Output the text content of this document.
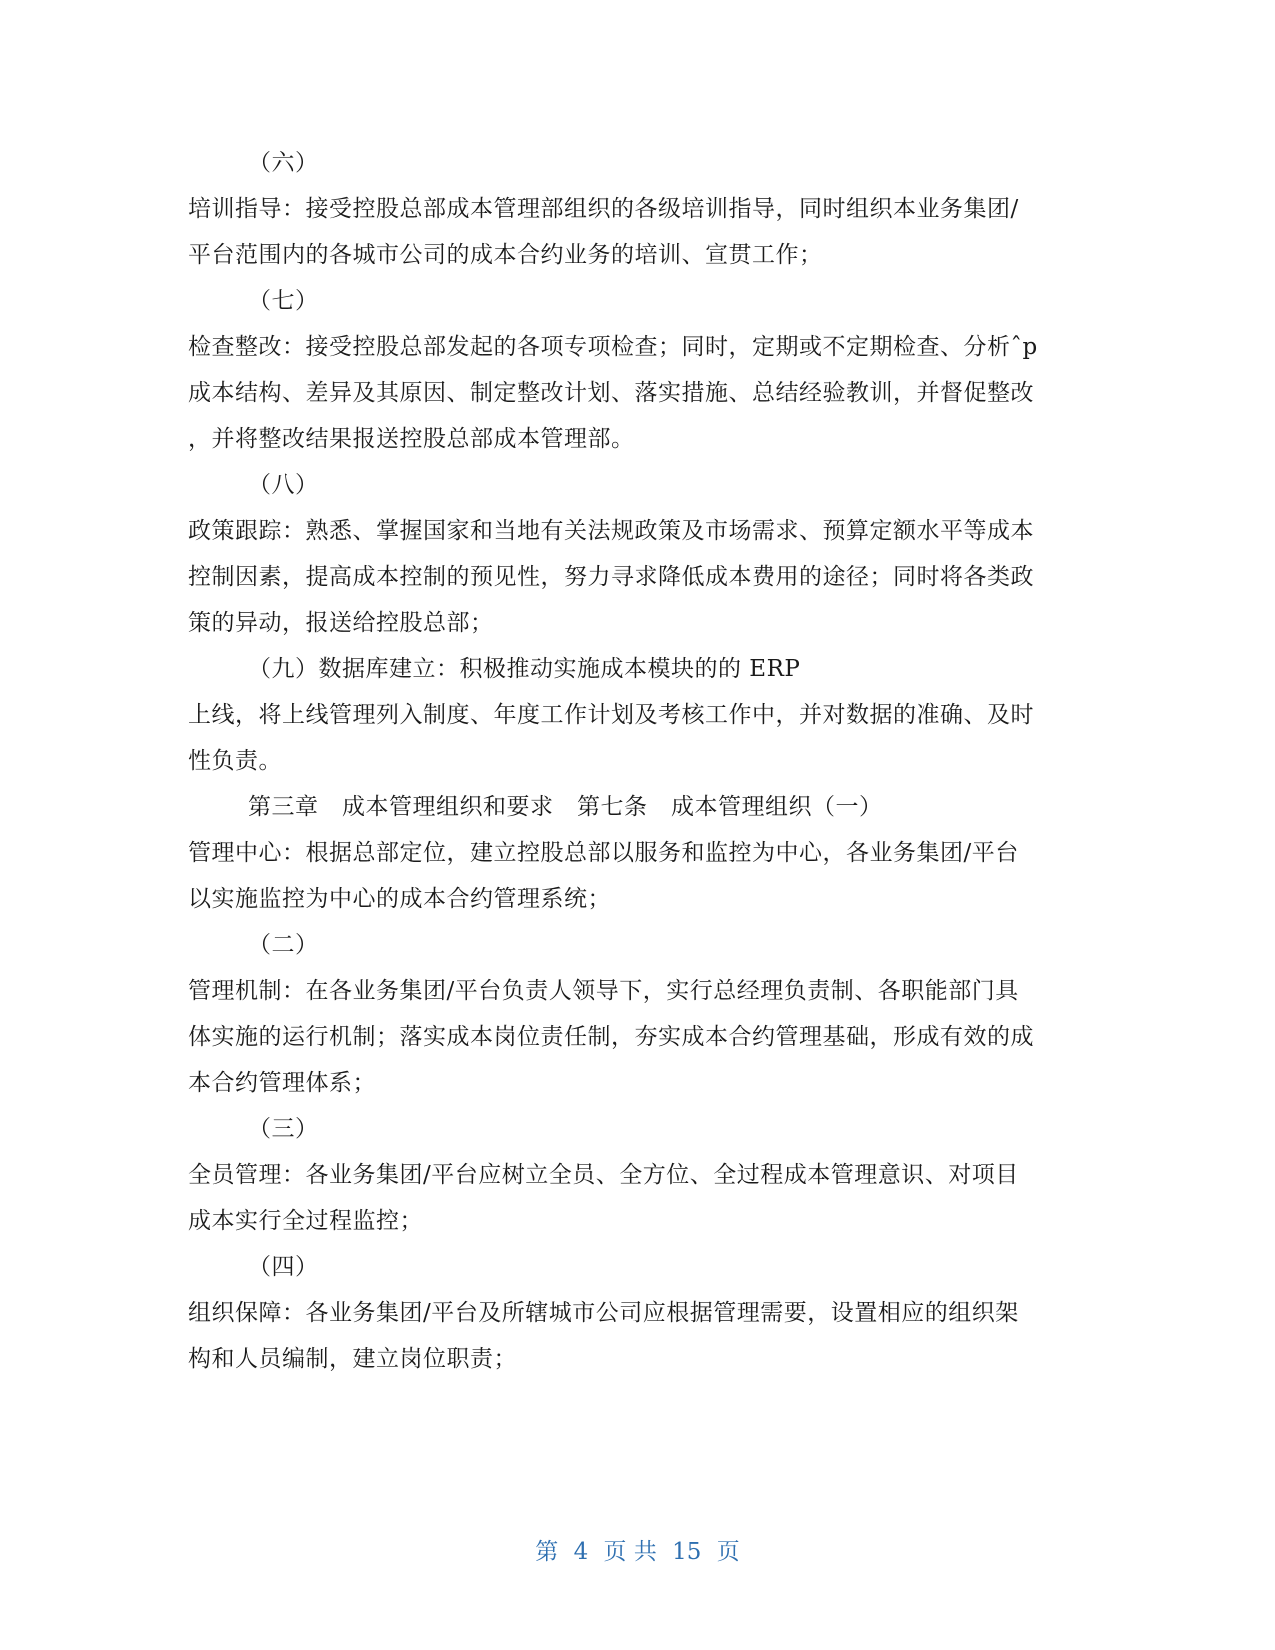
（六）
培训指导：接受控股总部成本管理部组织的各级培训指导，同时组织本业务集团/
平台范围内的各城市公司的成本合约业务的培训、宣贯工作；
（七）
检查整改：接受控股总部发起的各项专项检查；同时，定期或不定期检查、分析ˆp
成本结构、差异及其原因、制定整改计划、落实措施、总结经验教训，并督促整改
，并将整改结果报送控股总部成本管理部。
（八）
政策跟踪：熟悉、掌握国家和当地有关法规政策及市场需求、预算定额水平等成本
控制因素，提高成本控制的预见性，努力寻求降低成本费用的途径；同时将各类政
策的异动，报送给控股总部；
（九）数据库建立：积极推动实施成本模块的的 ERP
上线，将上线管理列入制度、年度工作计划及考核工作中，并对数据的准确、及时
性负责。
第三章　成本管理组织和要求　第七条　成本管理组织（一）
管理中心：根据总部定位，建立控股总部以服务和监控为中心，各业务集团/平台
以实施监控为中心的成本合约管理系统；
（二）
管理机制：在各业务集团/平台负责人领导下，实行总经理负责制、各职能部门具
体实施的运行机制；落实成本岗位责任制，夯实成本合约管理基础，形成有效的成
本合约管理体系；
（三）
全员管理：各业务集团/平台应树立全员、全方位、全过程成本管理意识、对项目
成本实行全过程监控；
（四）
组织保障：各业务集团/平台及所辖城市公司应根据管理需要，设置相应的组织架
构和人员编制，建立岗位职责；
第 4 页 共 15 页
